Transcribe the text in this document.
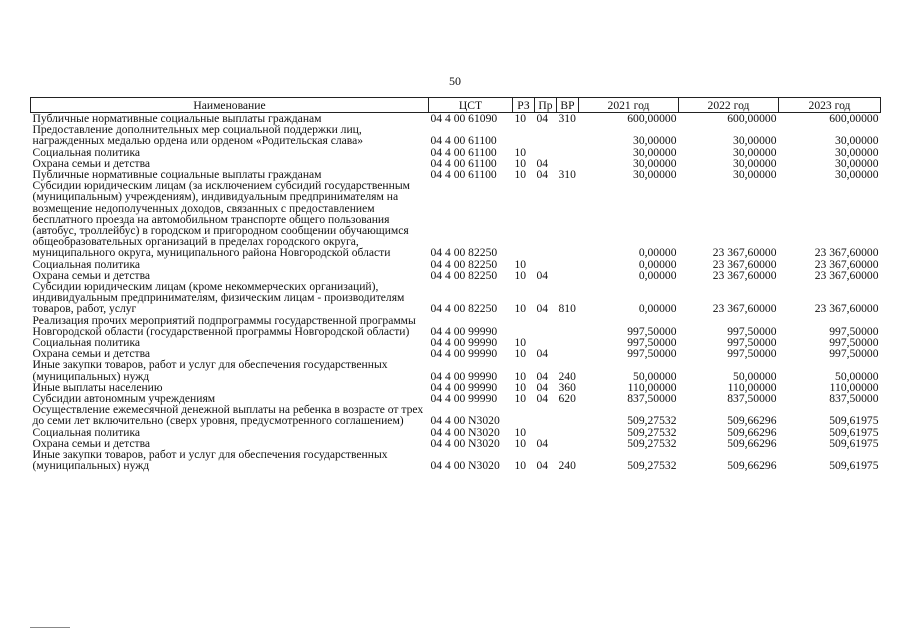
50
Наименование	ЦСТ	РЗ	Пр	ВР	2021 год	2022 год	2023 год
Публичные нормативные социальные выплаты гражданам	04 4 00 61090	10	04	310	600,00000	600,00000	600,00000
Предоставление дополнительных мер социальной поддержки лиц, награжденных медалью ордена или орденом «Родительская слава»	04 4 00 61100				30,00000	30,00000	30,00000
Социальная политика	04 4 00 61100	10			30,00000	30,00000	30,00000
Охрана семьи и детства	04 4 00 61100	10	04		30,00000	30,00000	30,00000
Публичные нормативные социальные выплаты гражданам	04 4 00 61100	10	04	310	30,00000	30,00000	30,00000
Субсидии юридическим лицам (за исключением субсидий государственным (муниципальным) учреждениям), индивидуальным предпринимателям на возмещение недополученных доходов, связанных с предоставлением бесплатного проезда на автомобильном транспорте общего пользования (автобус, троллейбус) в городском и пригородном сообщении обучающимся общеобразовательных организаций в пределах городского округа, муниципального округа, муниципального района Новгородской области	04 4 00 82250				0,00000	23 367,60000	23 367,60000
Социальная политика	04 4 00 82250	10			0,00000	23 367,60000	23 367,60000
Охрана семьи и детства	04 4 00 82250	10	04		0,00000	23 367,60000	23 367,60000
Субсидии юридическим лицам (кроме некоммерческих организаций), индивидуальным предпринимателям, физическим лицам - производителям товаров, работ, услуг	04 4 00 82250	10	04	810	0,00000	23 367,60000	23 367,60000
Реализация прочих мероприятий подпрограммы государственной программы Новгородской области (государственной программы Новгородской области)	04 4 00 99990				997,50000	997,50000	997,50000
Социальная политика	04 4 00 99990	10			997,50000	997,50000	997,50000
Охрана семьи и детства	04 4 00 99990	10	04		997,50000	997,50000	997,50000
Иные закупки товаров, работ и услуг для обеспечения государственных (муниципальных) нужд	04 4 00 99990	10	04	240	50,00000	50,00000	50,00000
Иные выплаты населению	04 4 00 99990	10	04	360	110,00000	110,00000	110,00000
Субсидии автономным учреждениям	04 4 00 99990	10	04	620	837,50000	837,50000	837,50000
Осуществление ежемесячной денежной выплаты на ребенка в возрасте от трех до семи лет включительно (сверх уровня, предусмотренного соглашением)	04 4 00 N3020				509,27532	509,66296	509,61975
Социальная политика	04 4 00 N3020	10			509,27532	509,66296	509,61975
Охрана семьи и детства	04 4 00 N3020	10	04		509,27532	509,66296	509,61975
Иные закупки товаров, работ и услуг для обеспечения государственных (муниципальных) нужд	04 4 00 N3020	10	04	240	509,27532	509,66296	509,61975
